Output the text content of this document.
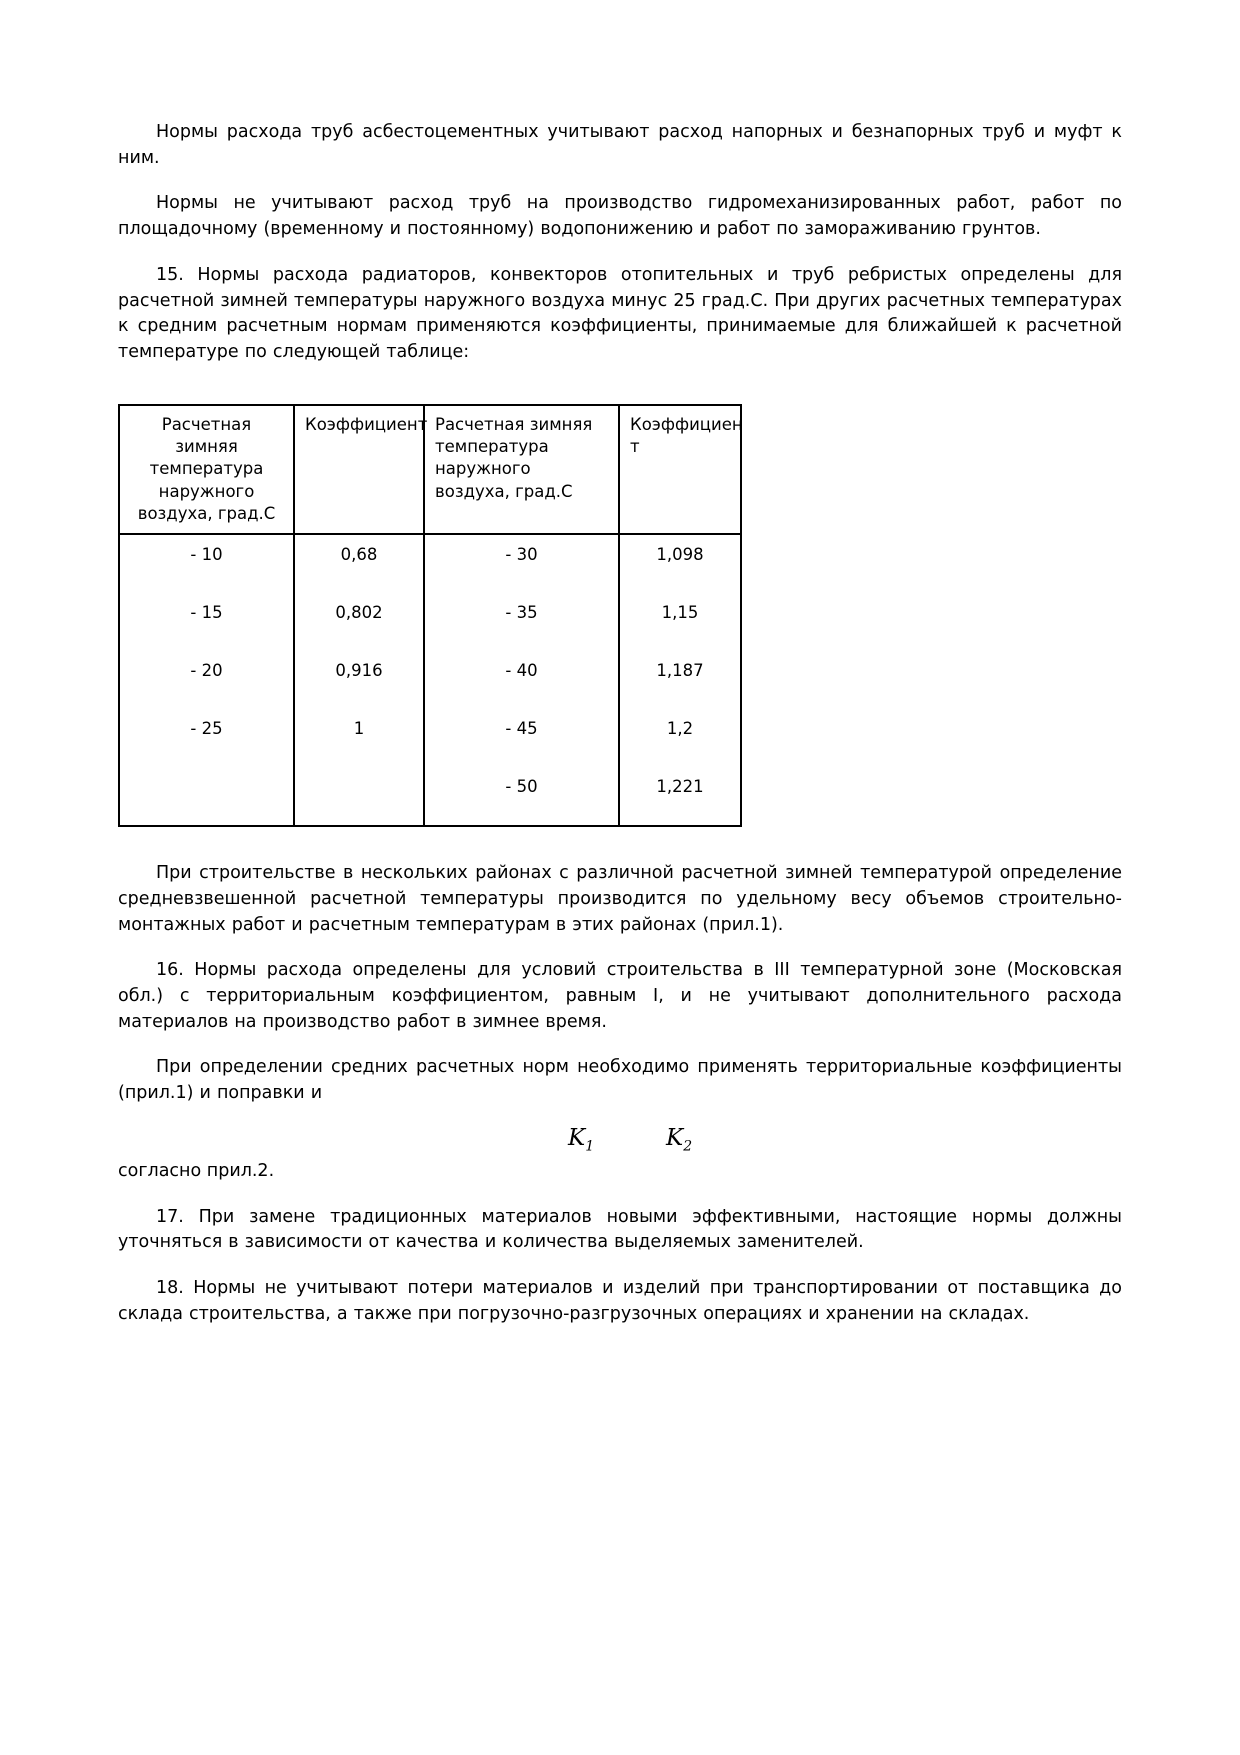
Нормы расхода труб асбестоцементных учитывают расход напорных и безнапорных труб и муфт к ним.

Нормы не учитывают расход труб на производство гидромеханизированных работ, работ по площадочному (временному и постоянному) водопонижению и работ по замораживанию грунтов.

15. Нормы расхода радиаторов, конвекторов отопительных и труб ребристых определены для расчетной зимней температуры наружного воздуха минус 25 град.С. При других расчетных температурах к средним расчетным нормам применяются коэффициенты, принимаемые для ближайшей к расчетной температуре по следующей таблице:

Расчетная зимняя температура наружного воздуха, град.С	Коэффициент	Расчетная зимняя температура наружного воздуха, град.С	Коэффициен т
- 10	0,68	- 30	1,098
- 15	0,802	- 35	1,15
- 20	0,916	- 40	1,187
- 25	1	- 45	1,2
		- 50	1,221

При строительстве в нескольких районах с различной расчетной зимней температурой определение средневзвешенной расчетной температуры производится по удельному весу объемов строительно-монтажных работ и расчетным температурам в этих районах (прил.1).

16. Нормы расхода определены для условий строительства в III температурной зоне (Московская обл.) с территориальным коэффициентом, равным I, и не учитывают дополнительного расхода материалов на производство работ в зимнее время.

При определении средних расчетных норм необходимо применять территориальные коэффициенты (прил.1) и поправки и

$K_1$	$K_2$

согласно прил.2.

17. При замене традиционных материалов новыми эффективными, настоящие нормы должны уточняться в зависимости от качества и количества выделяемых заменителей.

18. Нормы не учитывают потери материалов и изделий при транспортировании от поставщика до склада строительства, а также при погрузочно-разгрузочных операциях и хранении на складах.
